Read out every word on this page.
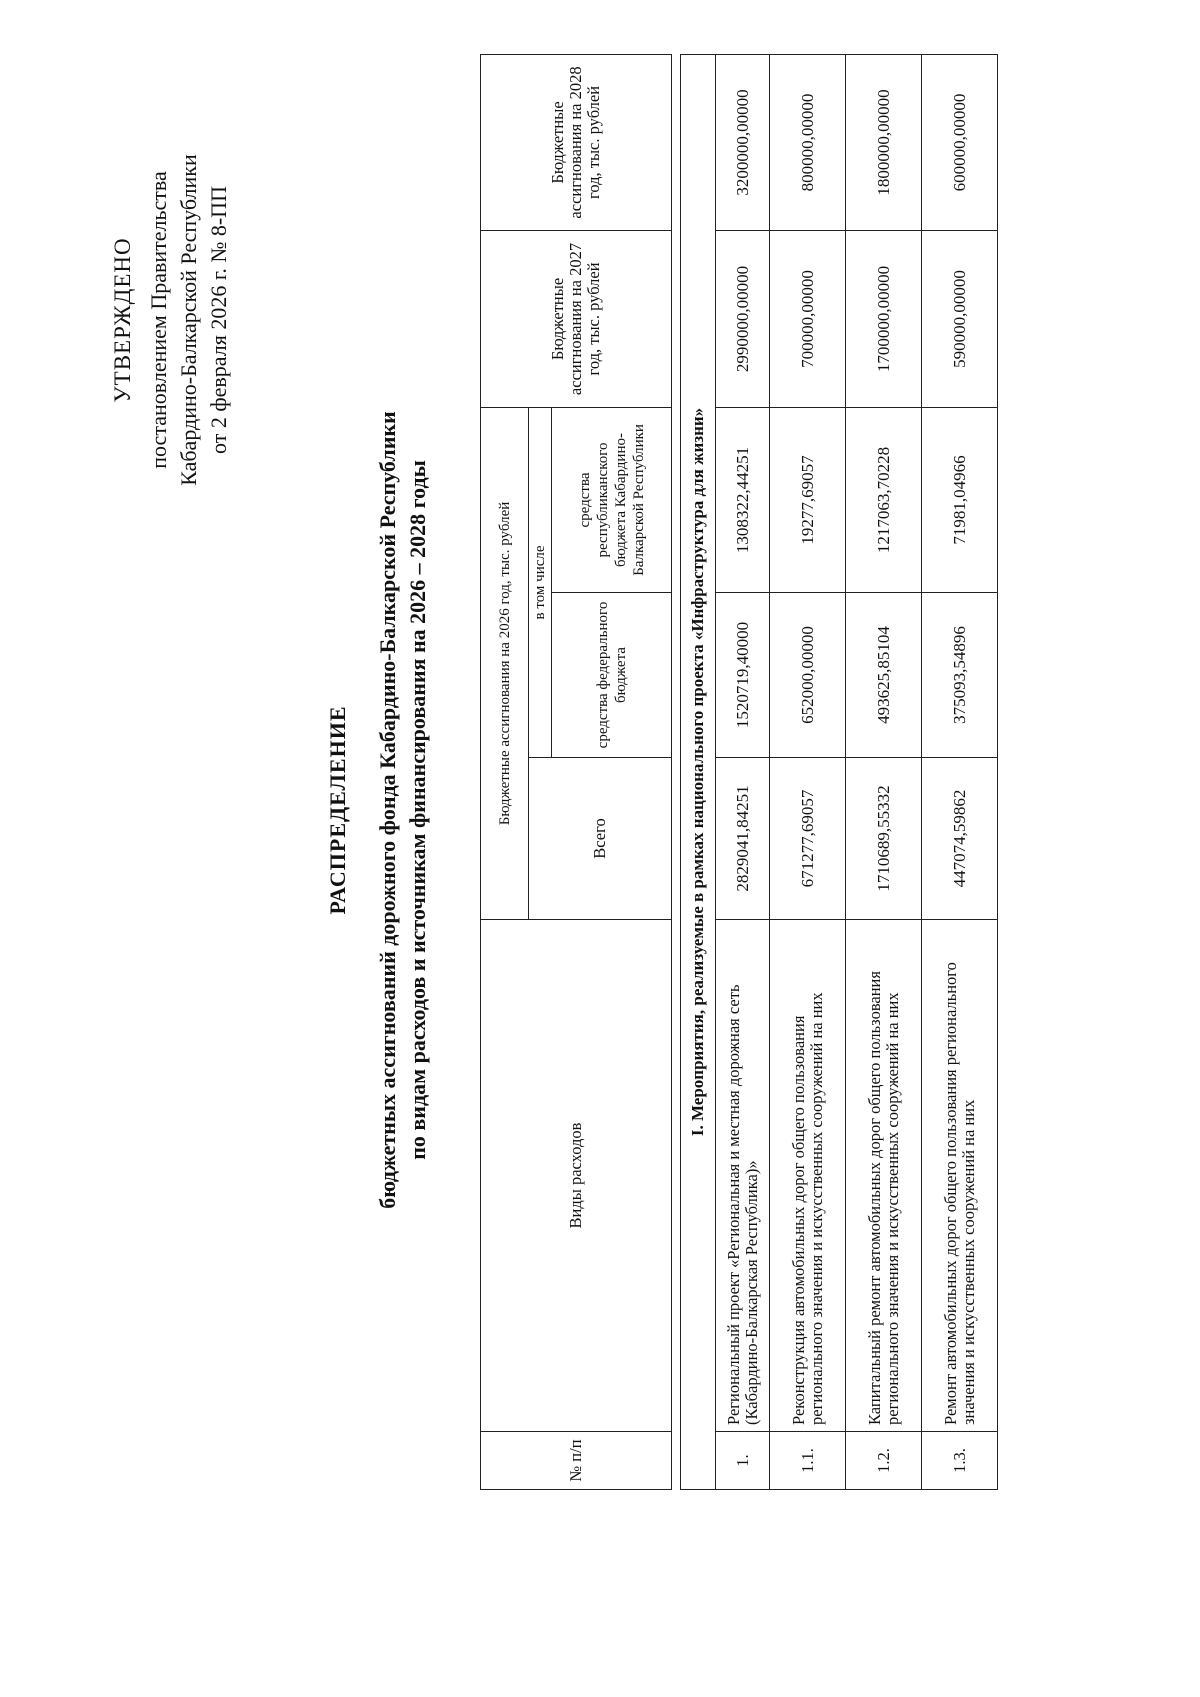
УТВЕРЖДЕНО постановлением Правительства Кабардино-Балкарской Республики от 2 февраля 2026 г. № 8-ПП
РАСПРЕДЕЛЕНИЕ бюджетных ассигнований дорожного фонда Кабардино-Балкарской Республики по видам расходов и источникам финансирования на 2026 – 2028 годы
№ п/п	Виды расходов	Бюджетные ассигнования на 2026 год, тыс. рублей			Бюджетные ассигнования на 2027 год, тыс. рублей	Бюджетные ассигнования на 2028 год, тыс. рублей
		Всего	в том числе			
			средства федерального бюджета	средства республиканского бюджета Кабардино-Балкарской Республики		

I. Мероприятия, реализуемые в рамках национального проекта «Инфраструктура для жизни»						
1.	Региональный проект «Региональная и местная дорожная сеть (Кабардино-Балкарская Республика)»	2829041,84251	1520719,40000	1308322,44251	2990000,00000	3200000,00000
1.1.	Реконструкция автомобильных дорог общего пользования регионального значения и искусственных сооружений на них	671277,69057	652000,00000	19277,69057	700000,00000	800000,00000
1.2.	Капитальный ремонт автомобильных дорог общего пользования регионального значения и искусственных сооружений на них	1710689,55332	493625,85104	1217063,70228	1700000,00000	1800000,00000
1.3.	Ремонт автомобильных дорог общего пользования регионального значения и искусственных сооружений на них	447074,59862	375093,54896	71981,04966	590000,00000	600000,00000
